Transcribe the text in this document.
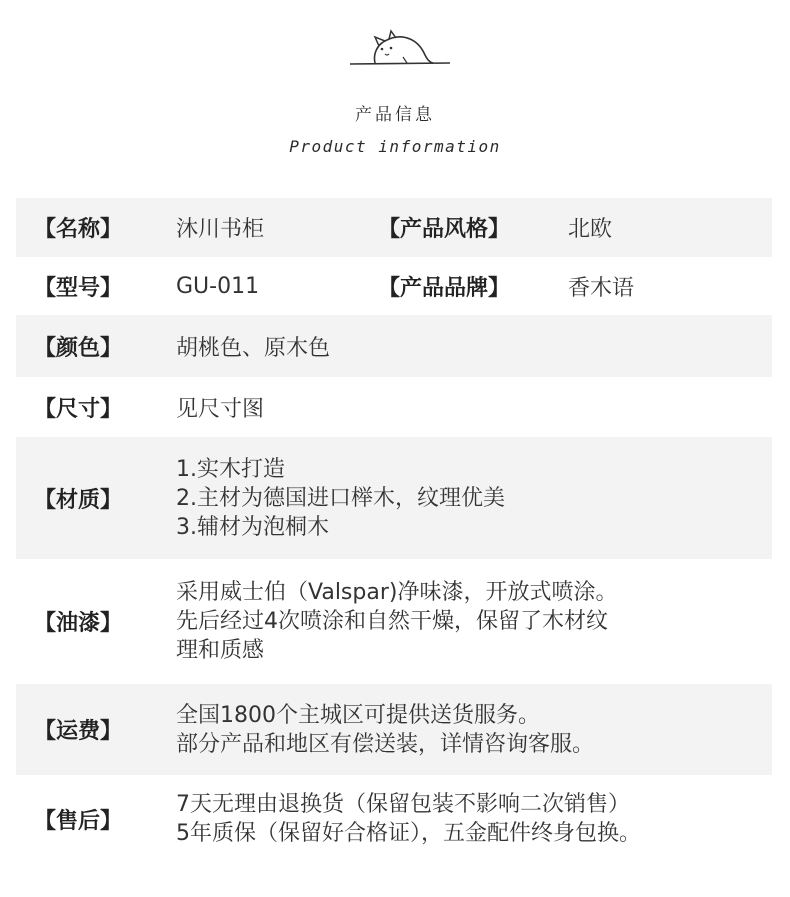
产品信息
Product information
【名称】 沐川书柜	【产品风格】	北欧
【型号】 GU-011	【产品品牌】	香木语
【颜色】 胡桃色、原木色
【尺寸】 见尺寸图
【材质】
1.实木打造
2.主材为德国进口榉木，纹理优美
3.辅材为泡桐木
【油漆】
采用威士伯（Valspar)净味漆，开放式喷涂。
先后经过4次喷涂和自然干燥，保留了木材纹
理和质感
【运费】
全国1800个主城区可提供送货服务。
部分产品和地区有偿送装，详情咨询客服。
【售后】
7天无理由退换货（保留包装不影响二次销售）
5年质保（保留好合格证），五金配件终身包换。
